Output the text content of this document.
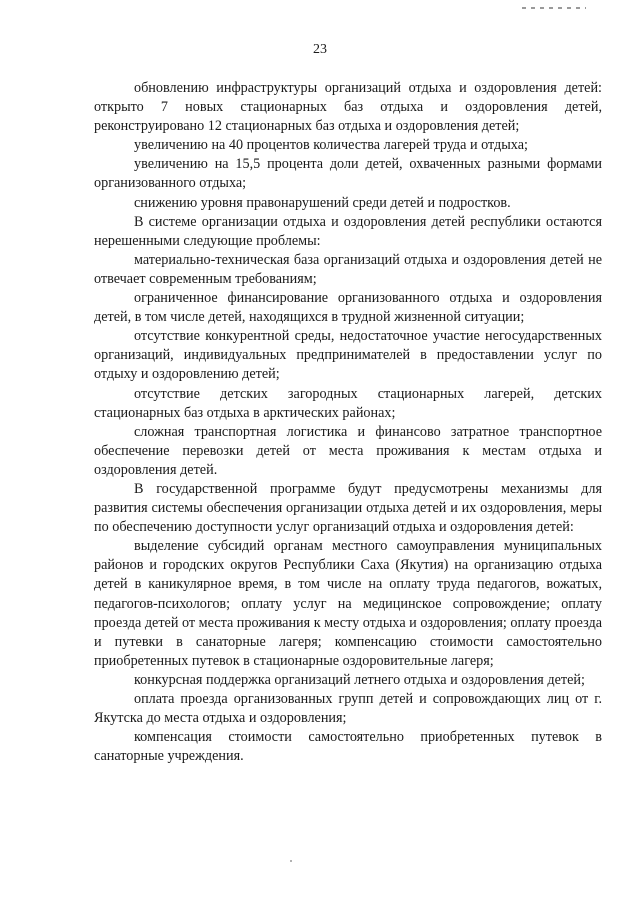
23

обновлению инфраструктуры организаций отдыха и оздоровления детей: открыто 7 новых стационарных баз отдыха и оздоровления детей, реконструировано 12 стационарных баз отдыха и оздоровления детей;

увеличению на 40 процентов количества лагерей труда и отдыха;

увеличению на 15,5 процента доли детей, охваченных разными формами организованного отдыха;

снижению уровня правонарушений среди детей и подростков.

В системе организации отдыха и оздоровления детей республики остаются нерешенными следующие проблемы:

материально-техническая база организаций отдыха и оздоровления детей не отвечает современным требованиям;

ограниченное финансирование организованного отдыха и оздоровления детей, в том числе детей, находящихся в трудной жизненной ситуации;

отсутствие конкурентной среды, недостаточное участие негосударственных организаций, индивидуальных предпринимателей в предоставлении услуг по отдыху и оздоровлению детей;

отсутствие детских загородных стационарных лагерей, детских стационарных баз отдыха в арктических районах;

сложная транспортная логистика и финансово затратное транспортное обеспечение перевозки детей от места проживания к местам отдыха и оздоровления детей.

В государственной программе будут предусмотрены механизмы для развития системы обеспечения организации отдыха детей и их оздоровления, меры по обеспечению доступности услуг организаций отдыха и оздоровления детей:

выделение субсидий органам местного самоуправления муниципальных районов и городских округов Республики Саха (Якутия) на организацию отдыха детей в каникулярное время, в том числе на оплату труда педагогов, вожатых, педагогов-психологов; оплату услуг на медицинское сопровождение; оплату проезда детей от места проживания к месту отдыха и оздоровления; оплату проезда и путевки в санаторные лагеря; компенсацию стоимости самостоятельно приобретенных путевок в стационарные оздоровительные лагеря;

конкурсная поддержка организаций летнего отдыха и оздоровления детей;

оплата проезда организованных групп детей и сопровождающих лиц от г. Якутска до места отдыха и оздоровления;

компенсация стоимости самостоятельно приобретенных путевок в санаторные учреждения.
